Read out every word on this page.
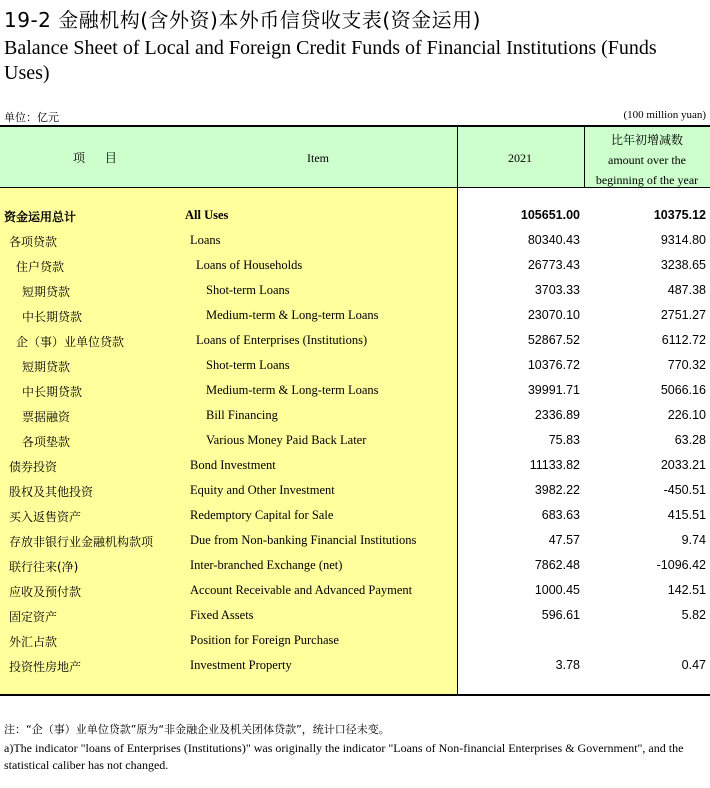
19-2 金融机构(含外资)本外币信贷收支表(资金运用)
Balance Sheet of Local and Foreign Credit Funds of Financial Institutions (Funds Uses)
单位：亿元	(100 million yuan)
项 目	Item	2021
比年初增减数
amount over the
beginning of the year
资金运用总计	All Uses	105651.00	10375.12
各项贷款	Loans	80340.43	9314.80
住户贷款	Loans of Households	26773.43	3238.65
短期贷款	Shot-term Loans	3703.33	487.38
中长期贷款	Medium-term & Long-term Loans	23070.10	2751.27
企（事）业单位贷款	Loans of Enterprises (Institutions)	52867.52	6112.72
短期贷款	Shot-term Loans	10376.72	770.32
中长期贷款	Medium-term & Long-term Loans	39991.71	5066.16
票据融资	Bill Financing	2336.89	226.10
各项垫款	Various Money Paid Back Later	75.83	63.28
债券投资	Bond Investment	11133.82	2033.21
股权及其他投资	Equity and Other Investment	3982.22	-450.51
买入返售资产	Redemptory Capital for Sale	683.63	415.51
存放非银行业金融机构款项	Due from Non-banking Financial Institutions	47.57	9.74
联行往来(净)	Inter-branched Exchange (net)	7862.48	-1096.42
应收及预付款	Account Receivable and Advanced Payment	1000.45	142.51
固定资产	Fixed Assets	596.61	5.82
外汇占款	Position for Foreign Purchase
投资性房地产	Investment Property	3.78	0.47
注：“企（事）业单位贷款”原为“非金融企业及机关团体贷款”，统计口径未变。
a)The indicator "loans of Enterprises (Institutions)" was originally the indicator "Loans of Non-financial Enterprises & Government", and the statistical caliber has not changed.
